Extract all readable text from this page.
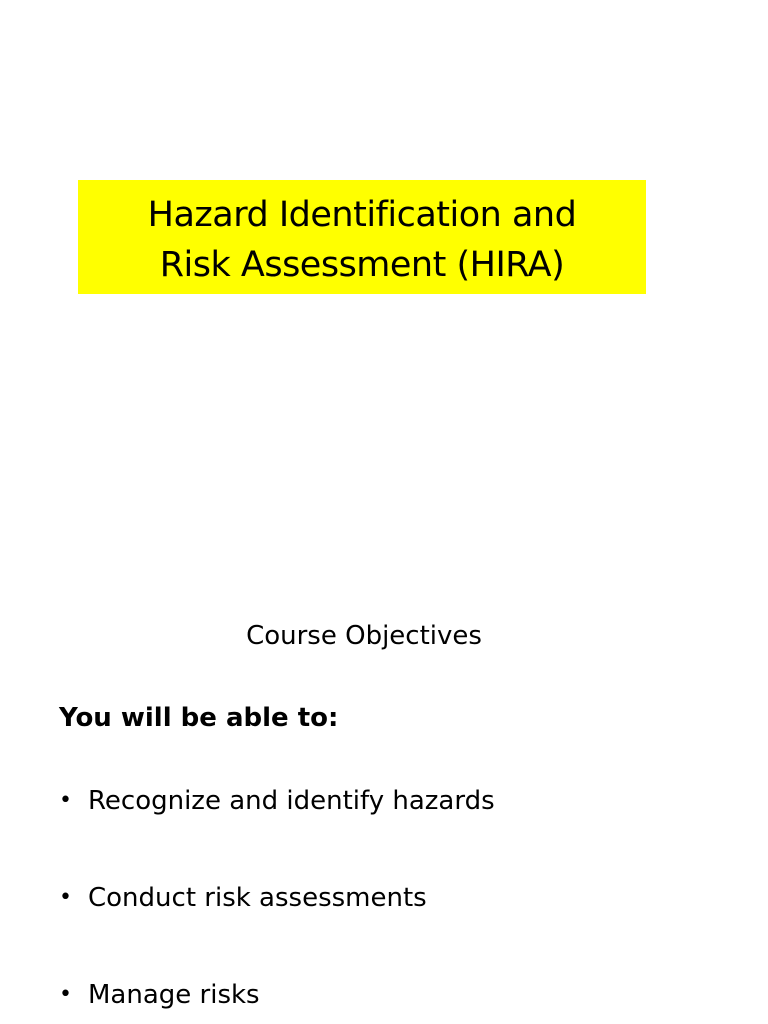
Hazard Identification and
Risk Assessment (HIRA)
Course Objectives
You will be able to:
• Recognize and identify hazards
• Conduct risk assessments
• Manage risks
